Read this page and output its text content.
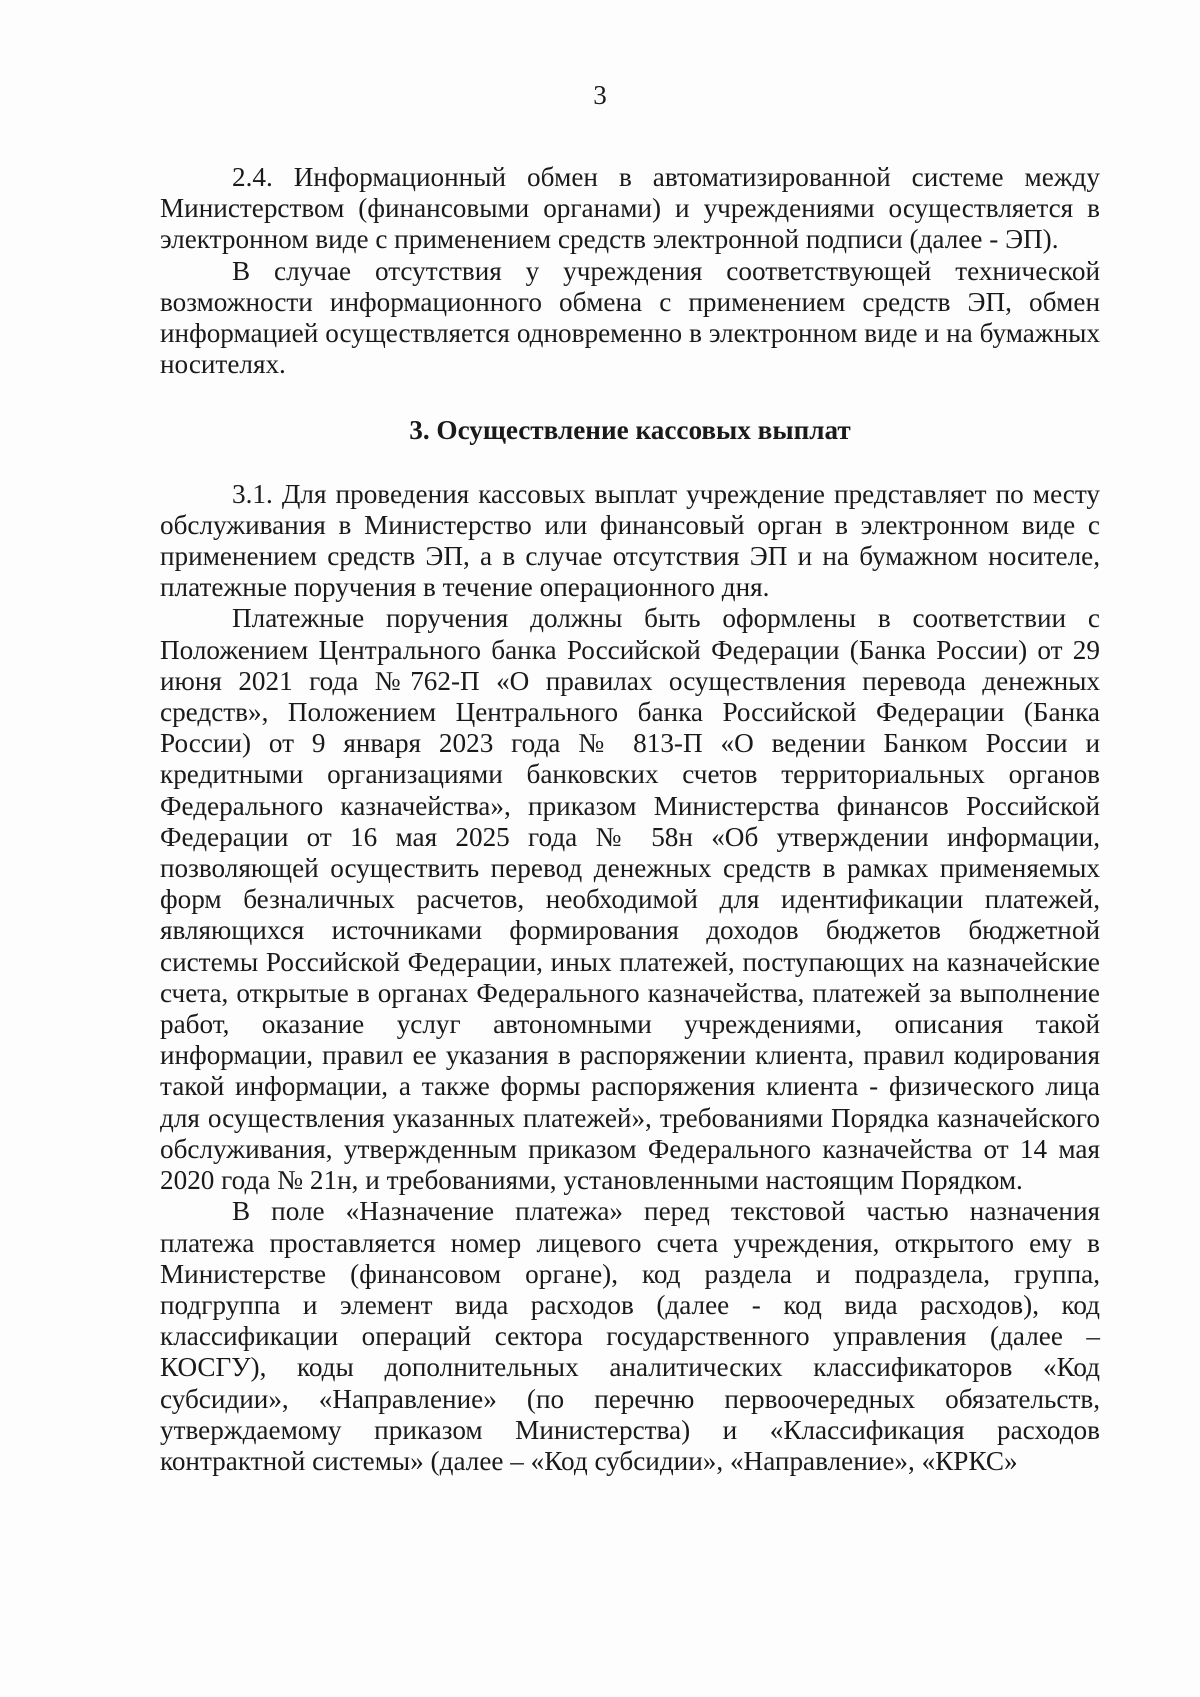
3

2.4. Информационный обмен в автоматизированной системе между Министерством (финансовыми органами) и учреждениями осуществляется в электронном виде с применением средств электронной подписи (далее - ЭП).

В случае отсутствия у учреждения соответствующей технической возможности информационного обмена с применением средств ЭП, обмен информацией осуществляется одновременно в электронном виде и на бумажных носителях.

3. Осуществление кассовых выплат

3.1. Для проведения кассовых выплат учреждение представляет по месту обслуживания в Министерство или финансовый орган в электронном виде с применением средств ЭП, а в случае отсутствия ЭП и на бумажном носителе, платежные поручения в течение операционного дня.

Платежные поручения должны быть оформлены в соответствии с Положением Центрального банка Российской Федерации (Банка России) от 29 июня 2021 года №762-П «О правилах осуществления перевода денежных средств», Положением Центрального банка Российской Федерации (Банка России) от 9 января 2023 года № 813-П «О ведении Банком России и кредитными организациями банковских счетов территориальных органов Федерального казначейства», приказом Министерства финансов Российской Федерации от 16 мая 2025 года № 58н «Об утверждении информации, позволяющей осуществить перевод денежных средств в рамках применяемых форм безналичных расчетов, необходимой для идентификации платежей, являющихся источниками формирования доходов бюджетов бюджетной системы Российской Федерации, иных платежей, поступающих на казначейские счета, открытые в органах Федерального казначейства, платежей за выполнение работ, оказание услуг автономными учреждениями, описания такой информации, правил ее указания в распоряжении клиента, правил кодирования такой информации, а также формы распоряжения клиента - физического лица для осуществления указанных платежей», требованиями Порядка казначейского обслуживания, утвержденным приказом Федерального казначейства от 14 мая 2020 года № 21н, и требованиями, установленными настоящим Порядком.

В поле «Назначение платежа» перед текстовой частью назначения платежа проставляется номер лицевого счета учреждения, открытого ему в Министерстве (финансовом органе), код раздела и подраздела, группа, подгруппа и элемент вида расходов (далее - код вида расходов), код классификации операций сектора государственного управления (далее – КОСГУ), коды дополнительных аналитических классификаторов «Код субсидии», «Направление» (по перечню первоочередных обязательств, утверждаемому приказом Министерства) и «Классификация расходов контрактной системы» (далее – «Код субсидии», «Направление», «КРКС»
